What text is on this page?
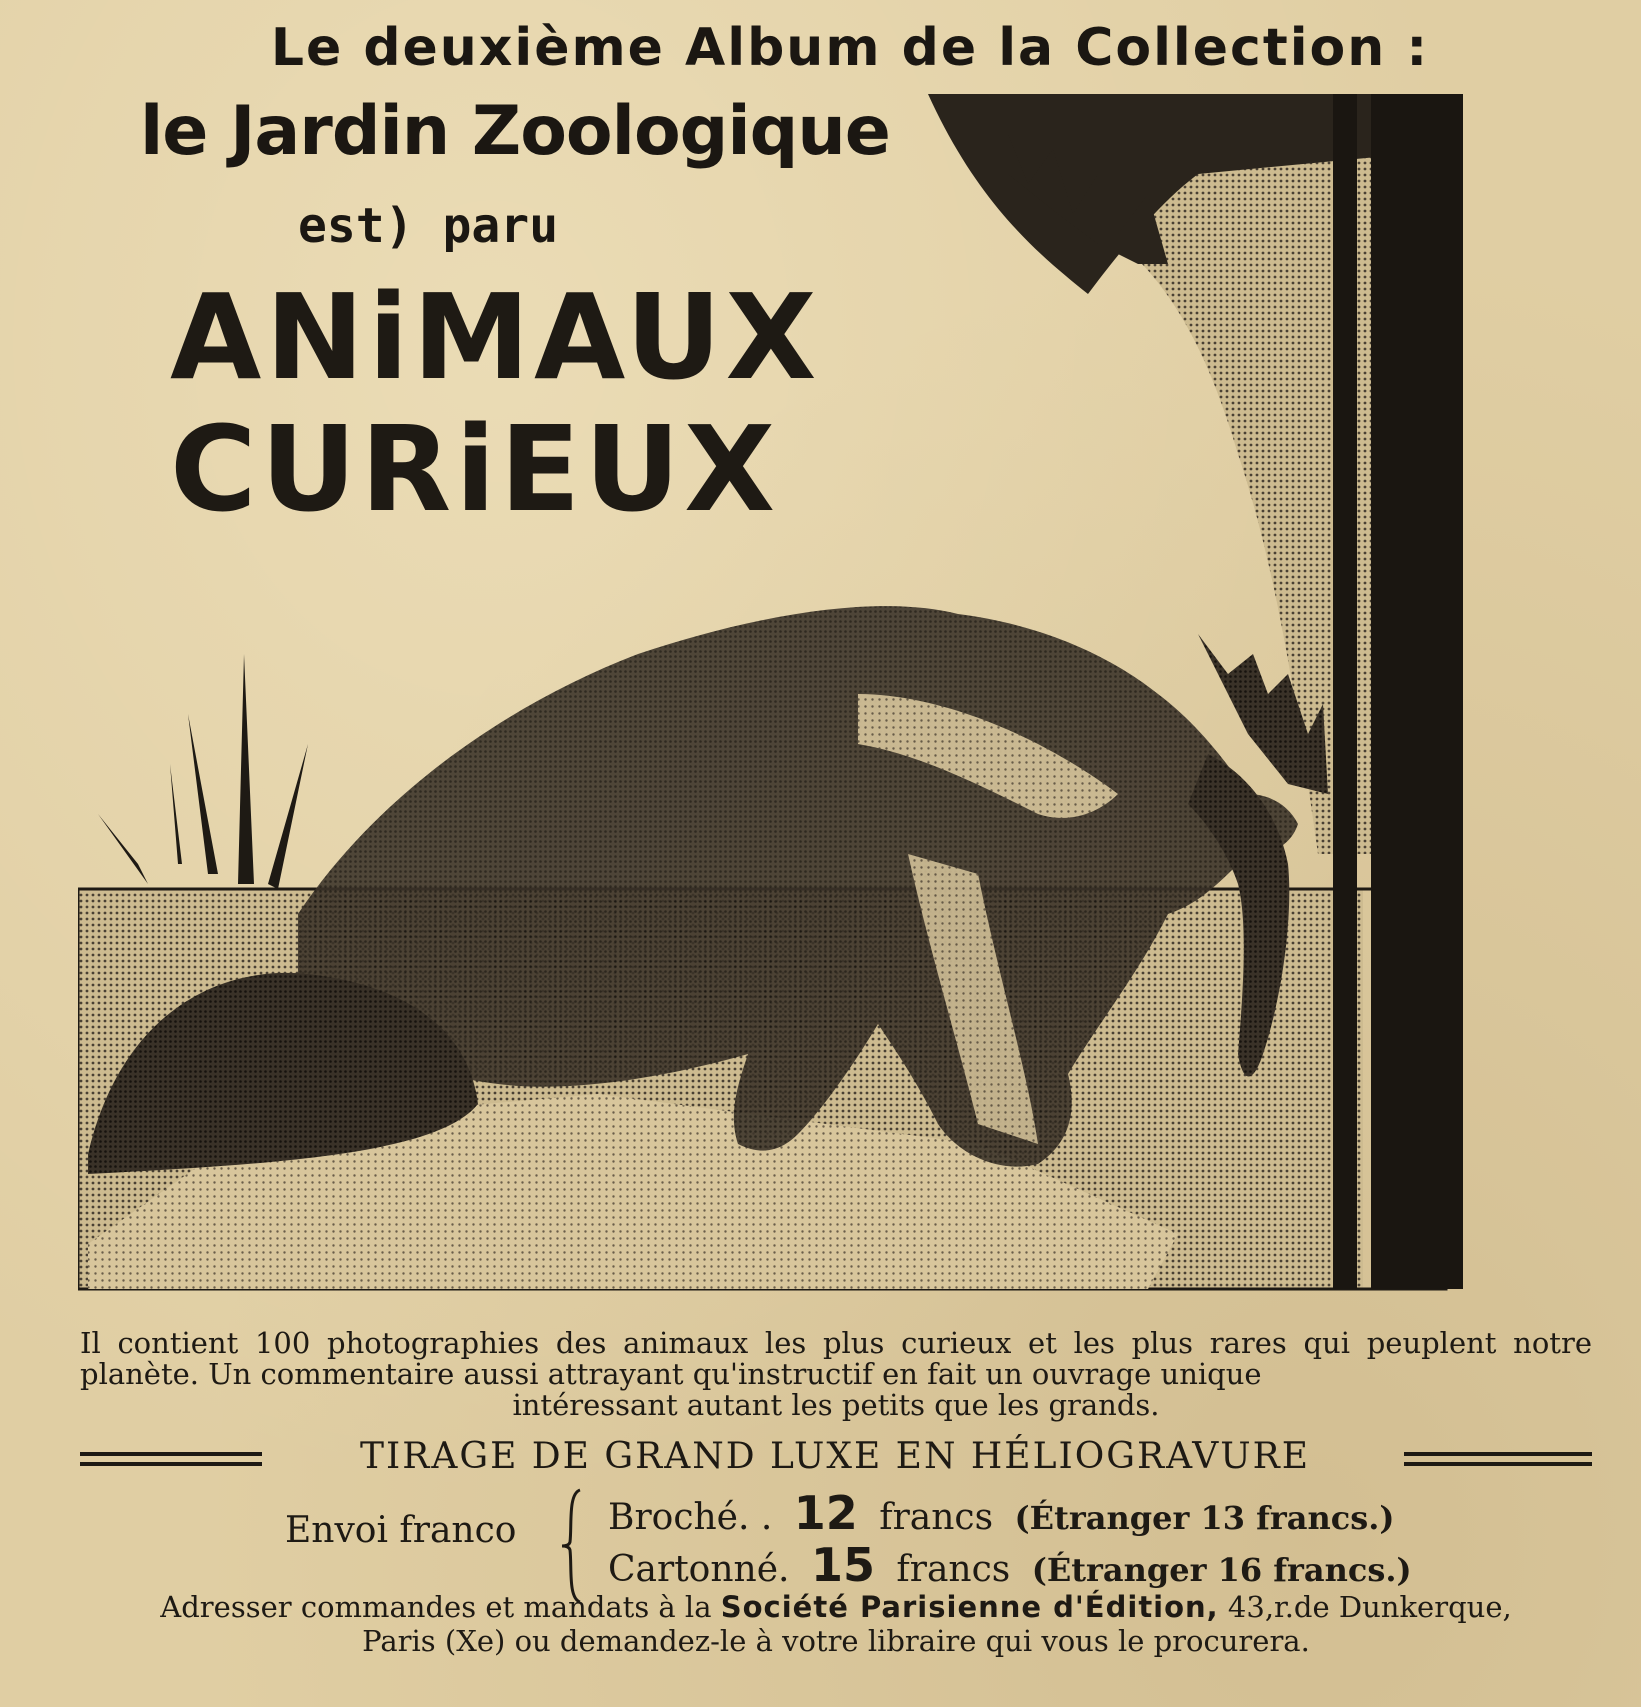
Le deuxième Album de la Collection :
le Jardin Zoologique
est) paru
ANiMAUX
CURiEUX
Il contient 100 photographies des animaux les plus curieux et les plus rares qui peuplent notre planète. Un commentaire aussi attrayant qu'instructif en fait un ouvrage unique
intéressant autant les petits que les grands.
TIRAGE DE GRAND LUXE EN HÉLIOGRAVURE
Envoi franco	Broché. . 12 francs (Étranger 13 francs.)
Cartonné. 15 francs (Étranger 16 francs.)
Adresser commandes et mandats à la Société Parisienne d'Édition, 43,r.de Dunkerque,
Paris (Xe) ou demandez-le à votre libraire qui vous le procurera.
